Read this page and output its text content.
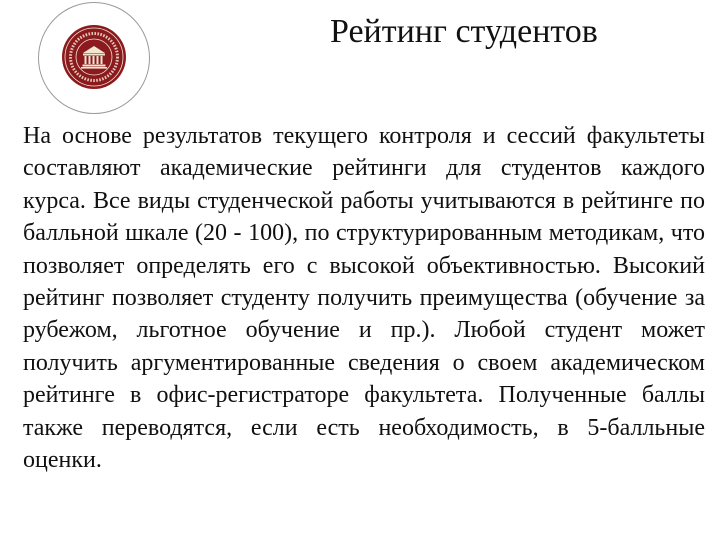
Рейтинг студентов

На основе результатов текущего контроля и сессий факультеты составляют академические рейтинги для студентов каждого курса. Все виды студенческой работы учитываются в рейтинге по балльной шкале (20 - 100), по структурированным методикам, что позволяет определять его с высокой объективностью. Высокий рейтинг позволяет студенту получить преимущества (обучение за рубежом, льготное обучение и пр.). Любой студент может получить аргументированные сведения о своем академическом рейтинге в офис-регистраторе факультета. Полученные баллы также переводятся, если есть необходимость, в 5-балльные оценки.
